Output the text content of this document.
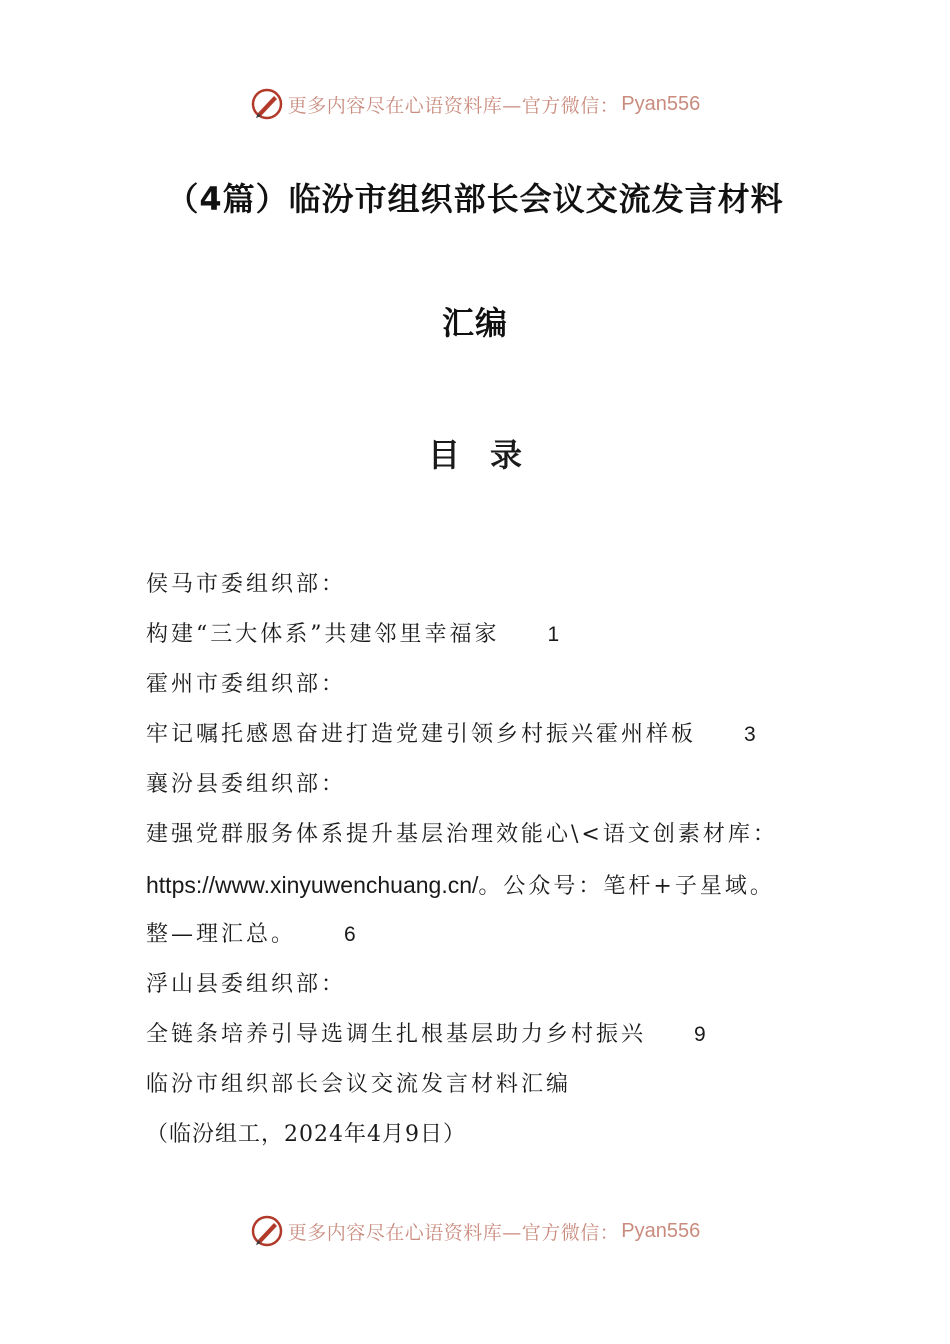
更多内容尽在心语资料库—官方微信： Pyan556
（4篇）临汾市组织部长会议交流发言材料
汇编
目录
侯马市委组织部：
构建“三大体系”共建邻里幸福家 1
霍州市委组织部：
牢记嘱托感恩奋进打造党建引领乡村振兴霍州样板 3
襄汾县委组织部：
建强党群服务体系提升基层治理效能心\<语文创素材库：
https://www.xinyuwenchuang.cn/。公众号：笔杆+子星域。
整—理汇总。 6
浮山县委组织部：
全链条培养引导选调生扎根基层助力乡村振兴 9
临汾市组织部长会议交流发言材料汇编
（临汾组工，2024年4月9日）
更多内容尽在心语资料库—官方微信： Pyan556
